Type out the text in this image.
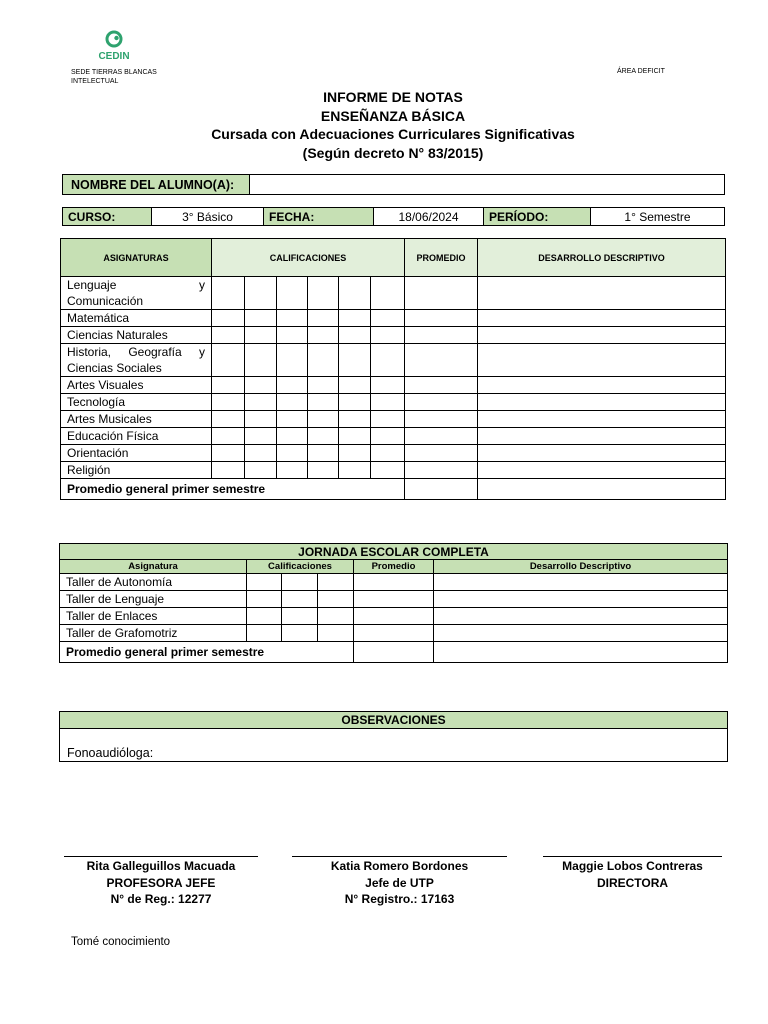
CEDIN
SEDE TIERRAS BLANCAS
INTELECTUAL
ÁREA DEFICIT
INFORME DE NOTAS
ENSEÑANZA BÁSICA
Cursada con Adecuaciones Curriculares Significativas
(Según decreto N° 83/2015)
NOMBRE DEL ALUMNO(A):	
CURSO:	3° Básico	FECHA:	18/06/2024	PERÍODO:	1° Semestre
ASIGNATURAS	CALIFICACIONES						PROMEDIO	DESARROLLO DESCRIPTIVO
Lenguaje y Comunicación								
Matemática								
Ciencias Naturales								
Historia, Geografía y Ciencias Sociales								
Artes Visuales								
Tecnología								
Artes Musicales								
Educación Física								
Orientación								
Religión								
Promedio general primer semestre								
JORNADA ESCOLAR COMPLETA					
Asignatura	Calificaciones			Promedio	Desarrollo Descriptivo
Taller de Autonomía					
Taller de Lenguaje					
Taller de Enlaces					
Taller de Grafomotriz					
Promedio general primer semestre					
OBSERVACIONES
Fonoaudióloga:
Rita Galleguillos Macuada
PROFESORA JEFE
N° de Reg.: 12277
Katia Romero Bordones
Jefe de UTP
N° Registro.: 17163
Maggie Lobos Contreras
DIRECTORA
Tomé conocimiento
